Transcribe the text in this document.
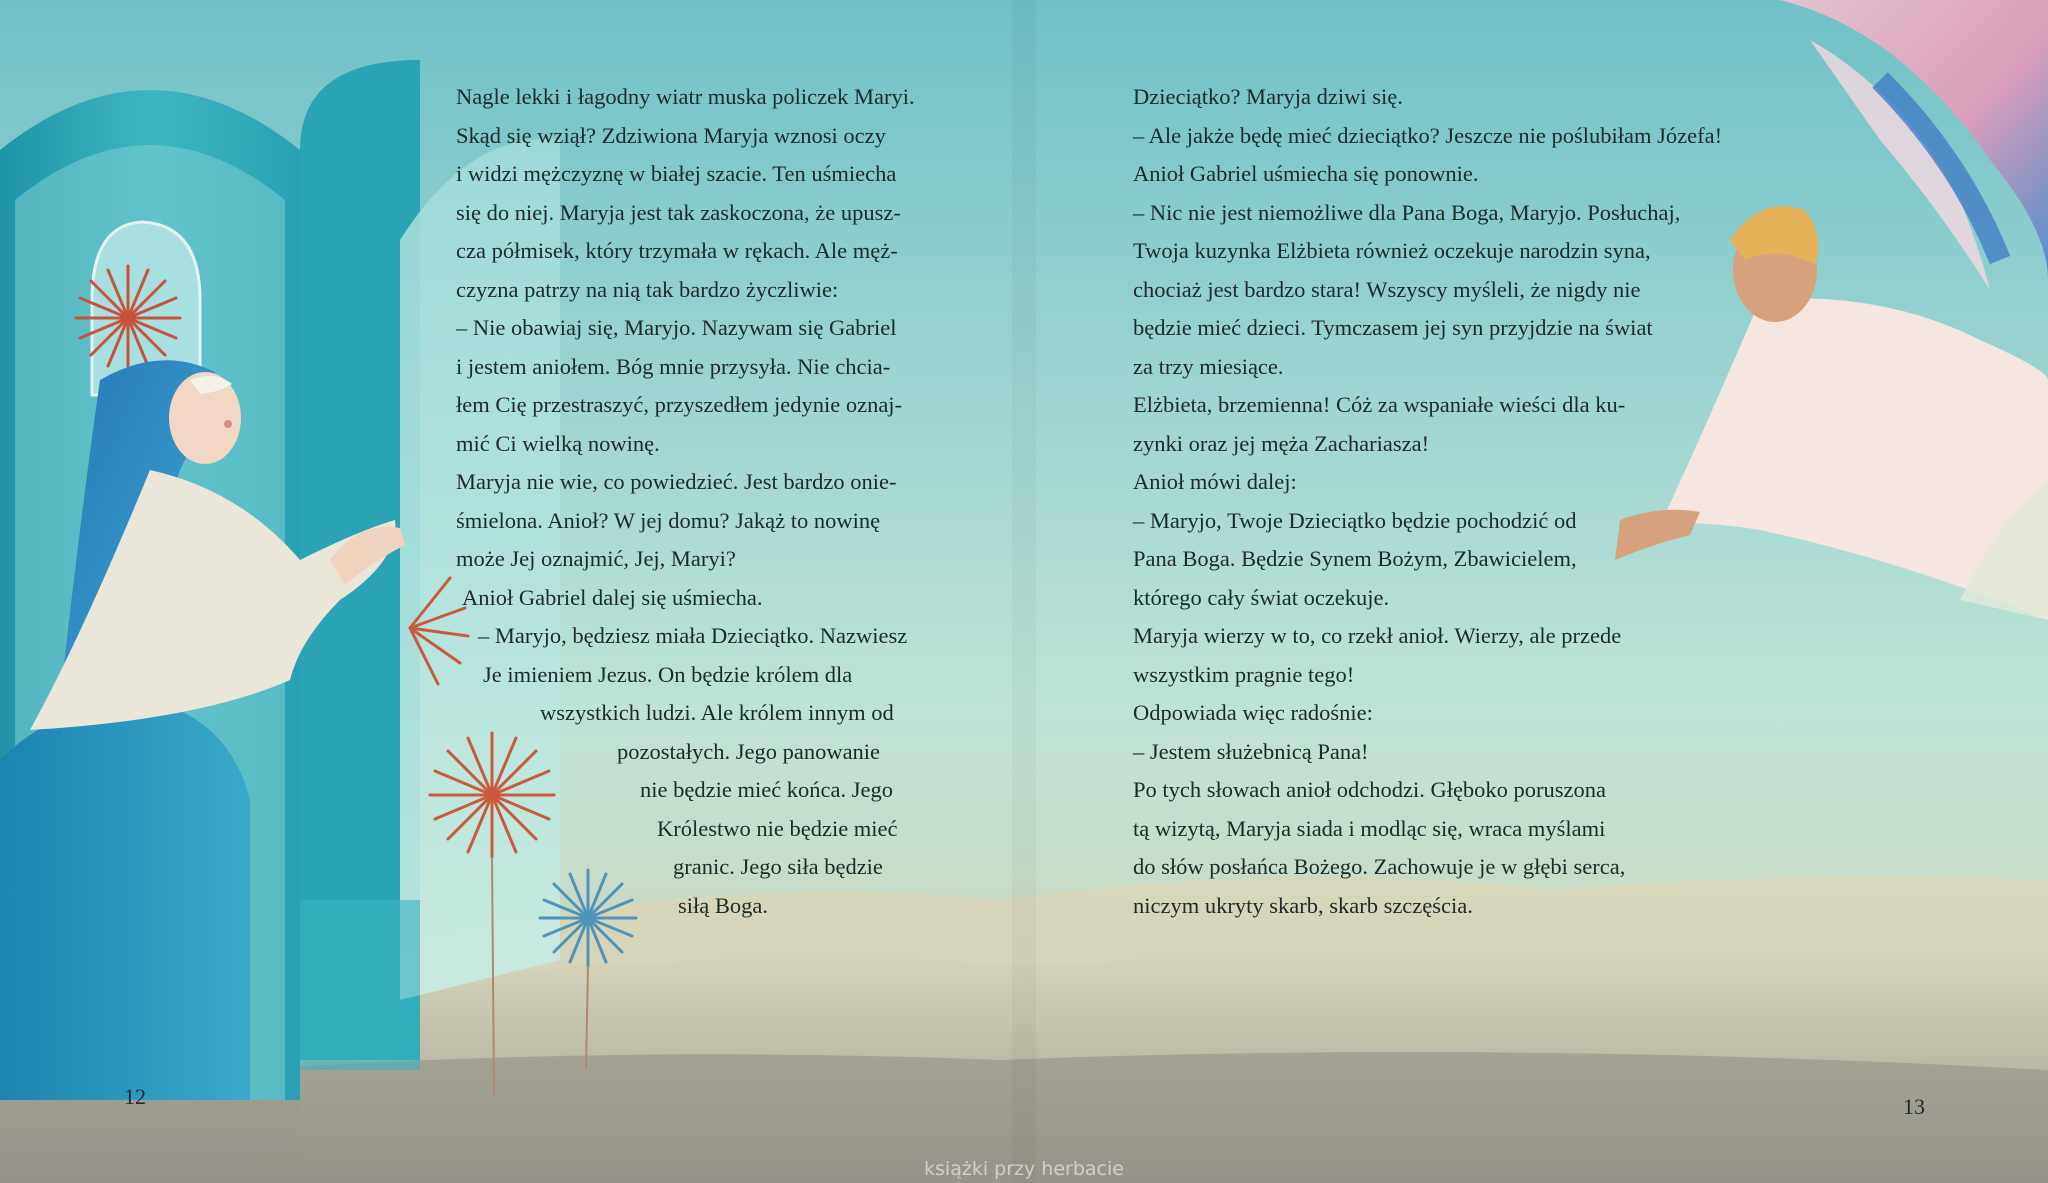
Nagle lekki i łagodny wiatr muska policzek Maryi.
Skąd się wziął? Zdziwiona Maryja wznosi oczy
i widzi mężczyznę w białej szacie. Ten uśmiecha
się do niej. Maryja jest tak zaskoczona, że upusz-
cza półmisek, który trzymała w rękach. Ale męż-
czyzna patrzy na nią tak bardzo życzliwie:
– Nie obawiaj się, Maryjo. Nazywam się Gabriel
i jestem aniołem. Bóg mnie przysyła. Nie chcia-
łem Cię przestraszyć, przyszedłem jedynie oznaj-
mić Ci wielką nowinę.
Maryja nie wie, co powiedzieć. Jest bardzo onie-
śmielona. Anioł? W jej domu? Jakąż to nowinę
może Jej oznajmić, Jej, Maryi?
Anioł Gabriel dalej się uśmiecha.
– Maryjo, będziesz miała Dzieciątko. Nazwiesz
Je imieniem Jezus. On będzie królem dla
wszystkich ludzi. Ale królem innym od
pozostałych. Jego panowanie
nie będzie mieć końca. Jego
Królestwo nie będzie mieć
granic. Jego siła będzie
siłą Boga.
Dzieciątko? Maryja dziwi się.
– Ale jakże będę mieć dzieciątko? Jeszcze nie poślubiłam Józefa!
Anioł Gabriel uśmiecha się ponownie.
– Nic nie jest niemożliwe dla Pana Boga, Maryjo. Posłuchaj,
Twoja kuzynka Elżbieta również oczekuje narodzin syna,
chociaż jest bardzo stara! Wszyscy myśleli, że nigdy nie
będzie mieć dzieci. Tymczasem jej syn przyjdzie na świat
za trzy miesiące.
Elżbieta, brzemienna! Cóż za wspaniałe wieści dla ku-
zynki oraz jej męża Zachariasza!
Anioł mówi dalej:
– Maryjo, Twoje Dzieciątko będzie pochodzić od
Pana Boga. Będzie Synem Bożym, Zbawicielem,
którego cały świat oczekuje.
Maryja wierzy w to, co rzekł anioł. Wierzy, ale przede
wszystkim pragnie tego!
Odpowiada więc radośnie:
– Jestem służebnicą Pana!
Po tych słowach anioł odchodzi. Głęboko poruszona
tą wizytą, Maryja siada i modląc się, wraca myślami
do słów posłańca Bożego. Zachowuje je w głębi serca,
niczym ukryty skarb, skarb szczęścia.
12	13
książki przy herbacie
